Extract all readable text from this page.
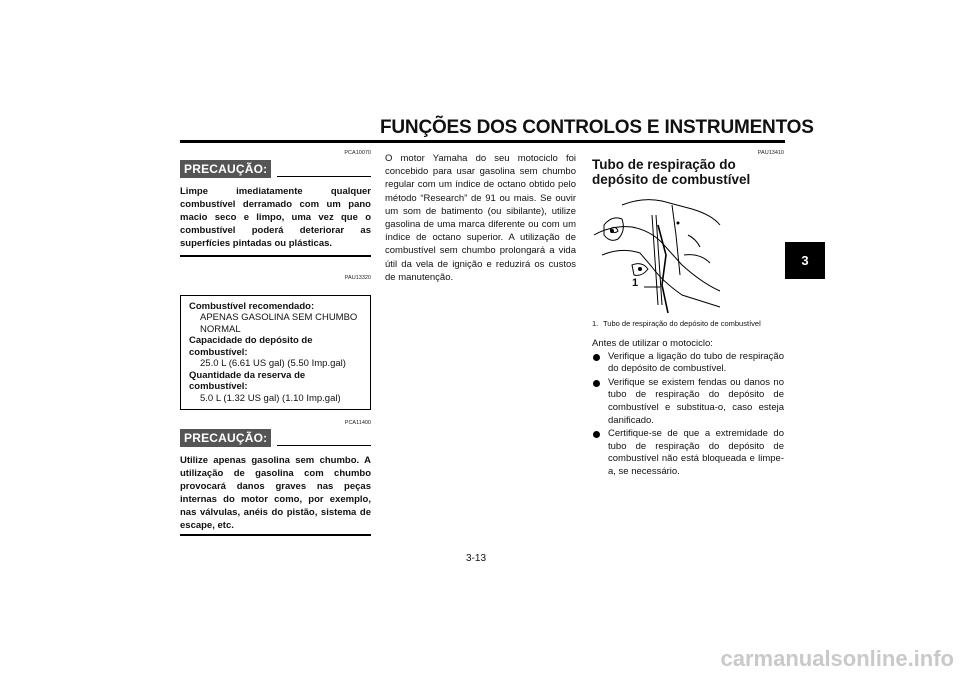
FUNÇÕES DOS CONTROLOS E INSTRUMENTOS
3
PCA10070
PRECAUÇÃO:
Limpe imediatamente qualquer combustível derramado com um pano macio seco e limpo, uma vez que o combustível poderá deteriorar as superfícies pintadas ou plásticas.
PAU13320
Combustível recomendado:
APENAS GASOLINA SEM CHUMBO NORMAL
Capacidade do depósito de combustível:
25.0 L (6.61 US gal) (5.50 Imp.gal)
Quantidade da reserva de combustível:
5.0 L (1.32 US gal) (1.10 Imp.gal)
PCA11400
PRECAUÇÃO:
Utilize apenas gasolina sem chumbo. A utilização de gasolina com chumbo provocará danos graves nas peças internas do motor como, por exemplo, nas válvulas, anéis do pistão, sistema de escape, etc.
O motor Yamaha do seu motociclo foi concebido para usar gasolina sem chumbo regular com um índice de octano obtido pelo método “Research” de 91 ou mais. Se ouvir um som de batimento (ou sibilante), utilize gasolina de uma marca diferente ou com um índice de octano superior. A utilização de combustível sem chumbo prolongará a vida útil da vela de ignição e reduzirá os custos de manutenção.
PAU13410
Tubo de respiração do depósito de combustível
1
1. Tubo de respiração do depósito de combustível
Antes de utilizar o motociclo:
Verifique a ligação do tubo de respiração do depósito de combustível.
Verifique se existem fendas ou danos no tubo de respiração do depósito de combustível e substitua-o, caso esteja danificado.
Certifique-se de que a extremidade do tubo de respiração do depósito de combustível não está bloqueada e limpe-a, se necessário.
3-13
carmanualsonline.info
